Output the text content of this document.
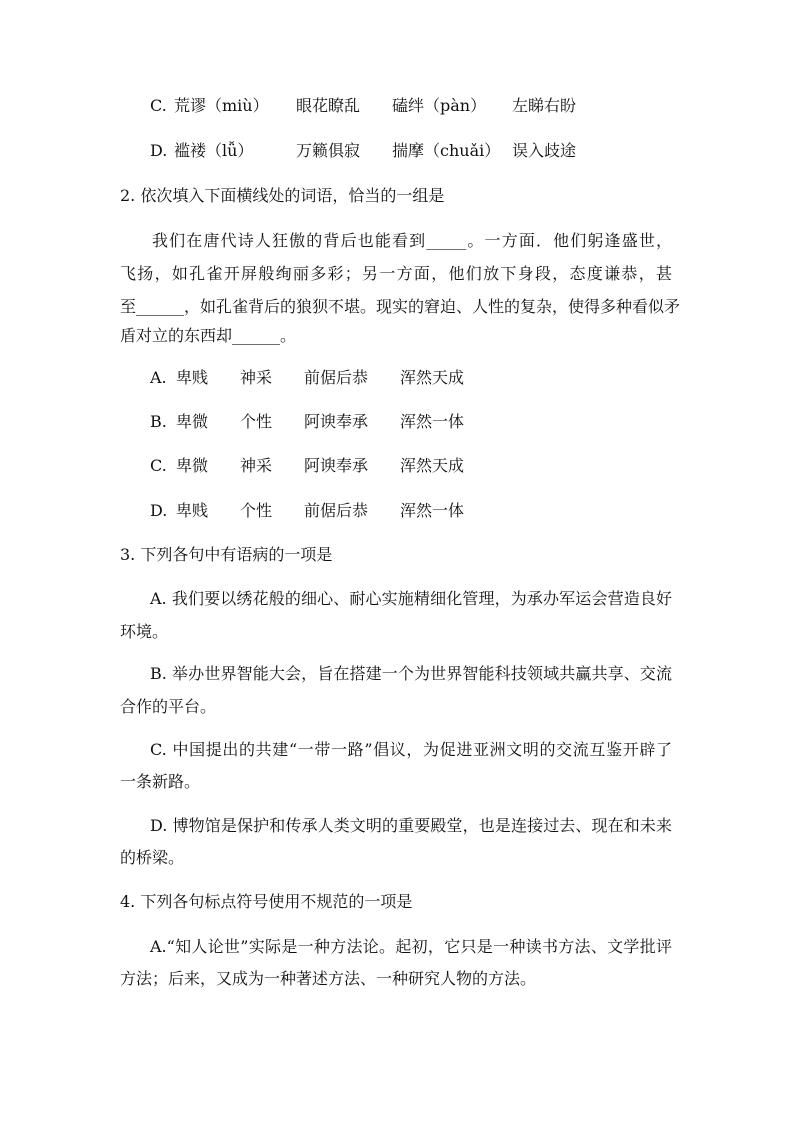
C. 荒谬（miù） 眼花瞭乱 磕绊（pàn） 左睇右盼
D. 褴褛（lǚ）	万籁俱寂 揣摩（chuǎi） 误入歧途
2. 依次填入下面横线处的词语，恰当的一组是
我们在唐代诗人狂傲的背后也能看到_____。一方面．他们躬逢盛世，
飞扬，如孔雀开屏般绚丽多彩；另一方面，他们放下身段，态度谦恭，甚
至______，如孔雀背后的狼狈不堪。现实的窘迫、人性的复杂，使得多种看似矛
盾对立的东西却______。
A. 卑贱 神采 前倨后恭 浑然天成
B. 卑微 个性 阿谀奉承 浑然一体
C. 卑微 神采 阿谀奉承 浑然天成
D. 卑贱 个性 前倨后恭 浑然一体
3. 下列各句中有语病的一项是
A. 我们要以绣花般的细心、耐心实施精细化管理，为承办军运会营造良好
环境。
B. 举办世界智能大会，旨在搭建一个为世界智能科技领域共赢共享、交流
合作的平台。
C. 中国提出的共建“一带一路”倡议，为促进亚洲文明的交流互鉴开辟了
一条新路。
D. 博物馆是保护和传承人类文明的重要殿堂，也是连接过去、现在和未来
的桥梁。
4. 下列各句标点符号使用不规范的一项是
A.“知人论世”实际是一种方法论。起初，它只是一种读书方法、文学批评
方法；后来，又成为一种著述方法、一种研究人物的方法。
